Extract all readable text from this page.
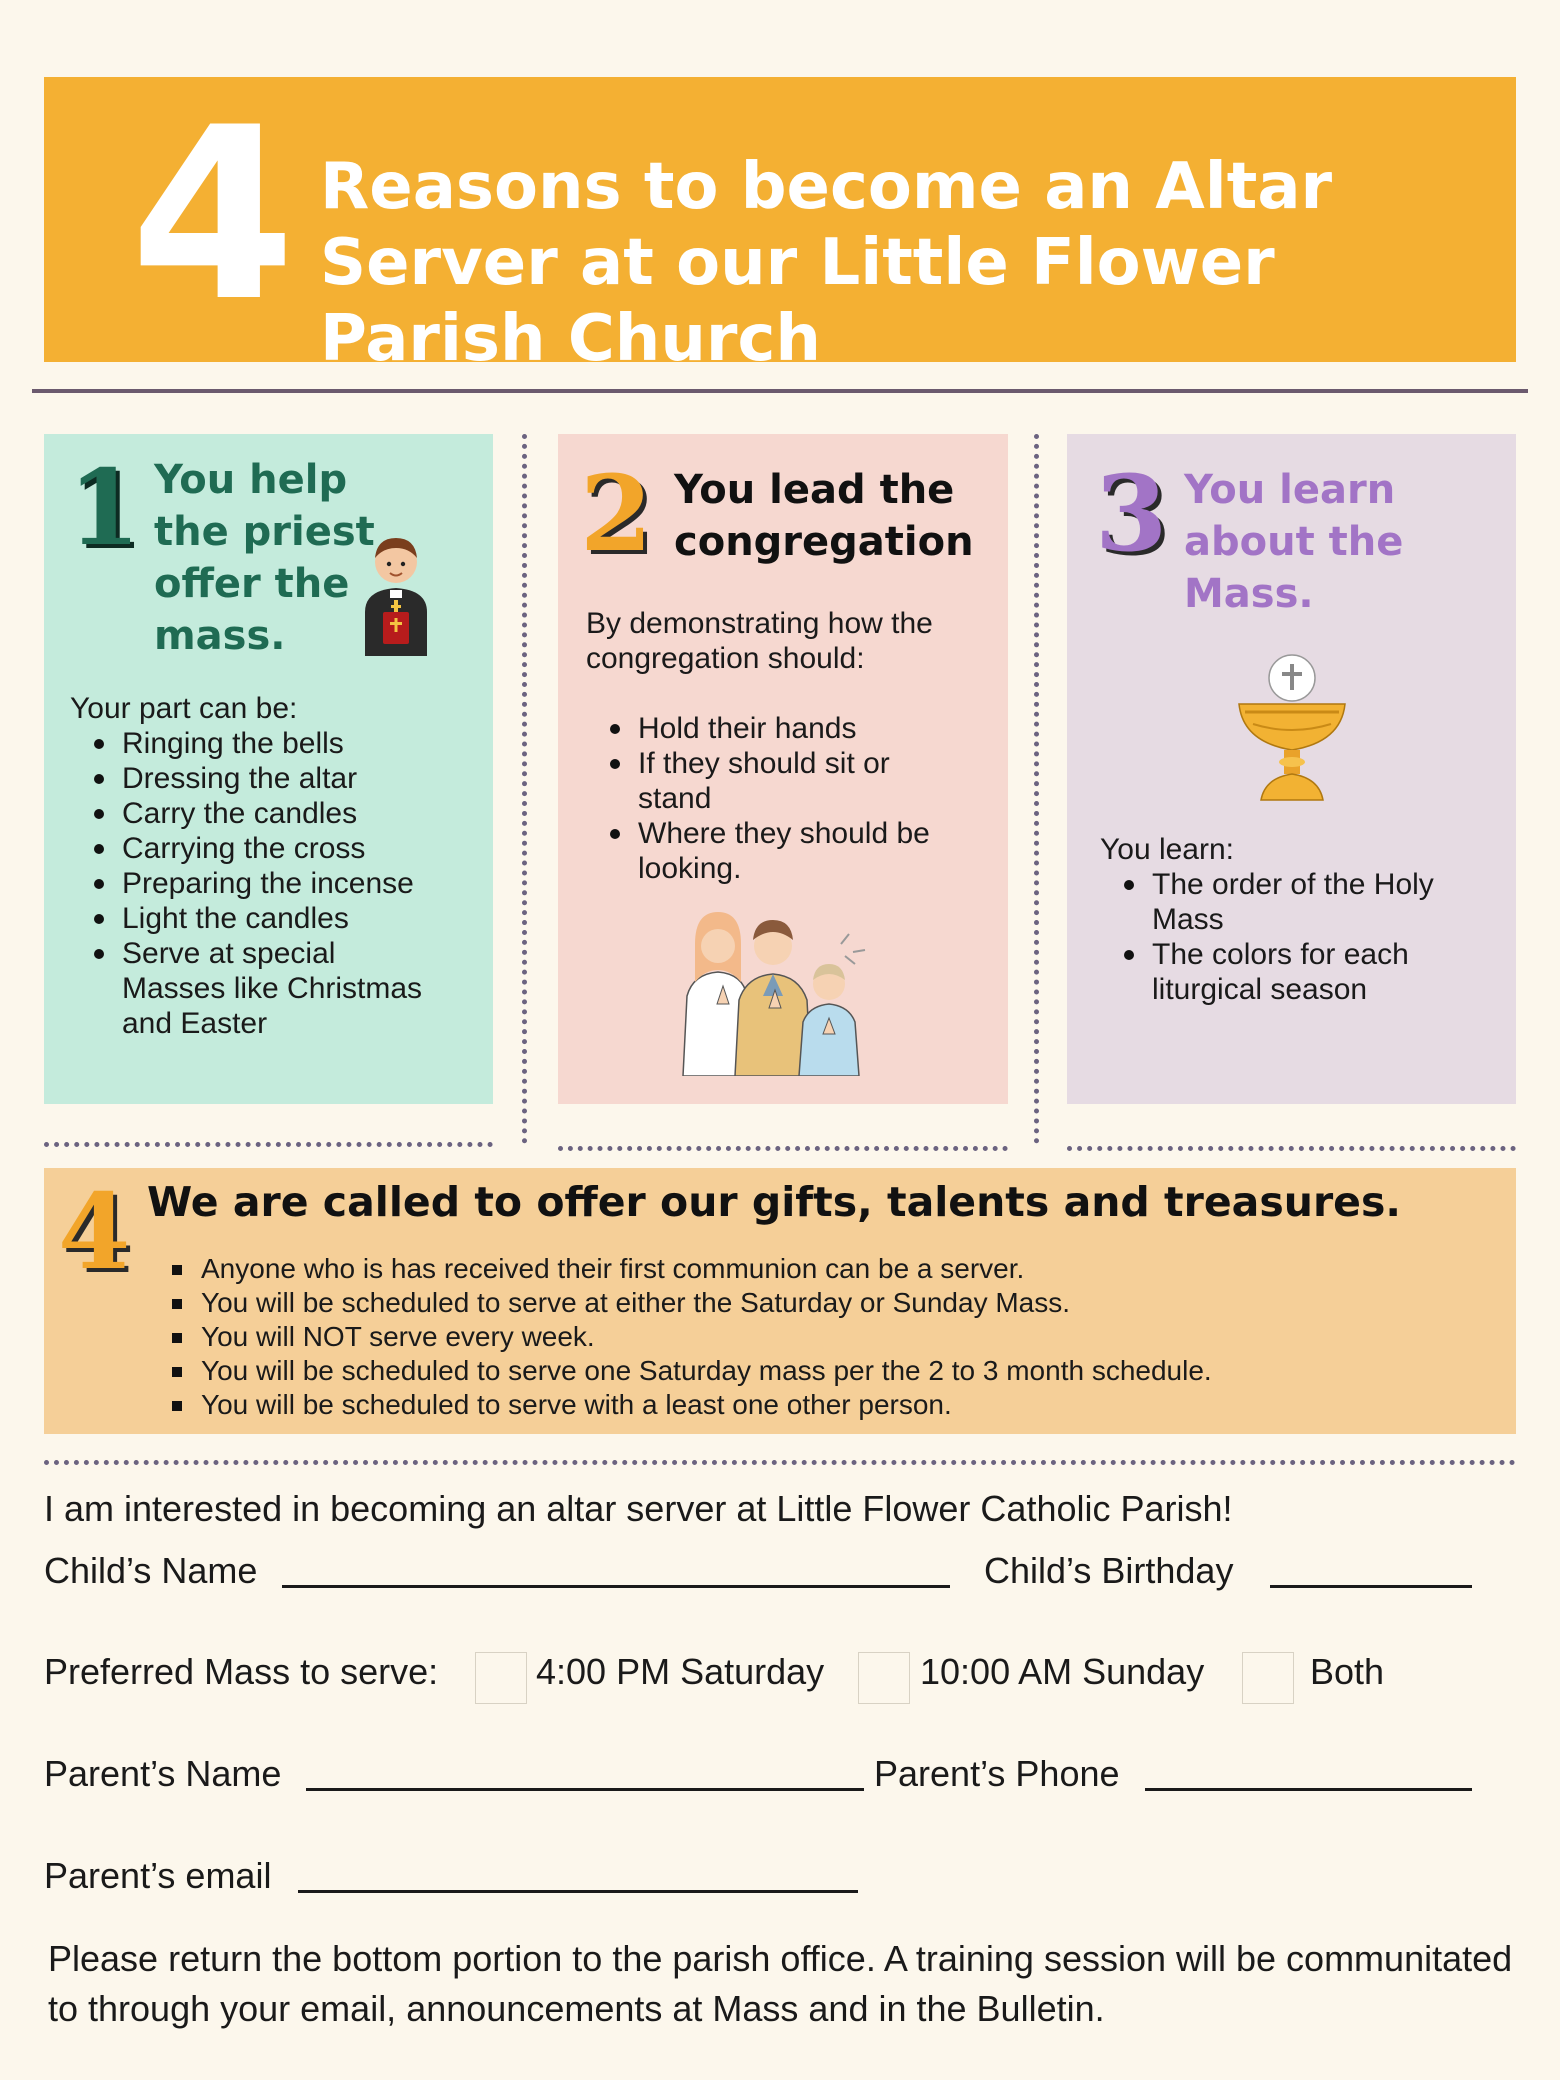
4 Reasons to become an Altar Server at our Little Flower Parish Church
1 You help the priest offer the mass.
Your part can be:
Ringing the bells
Dressing the altar
Carry the candles
Carrying the cross
Preparing the incense
Light the candles
Serve at special Masses like Christmas and Easter
2 You lead the congregation
By demonstrating how the congregation should:
Hold their hands
If they should sit or stand
Where they should be looking.
3 You learn about the Mass.
You learn:
The order of the Holy Mass
The colors for each liturgical season
4 We are called to offer our gifts, talents and treasures.
Anyone who is has received their first communion can be a server.
You will be scheduled to serve at either the Saturday or Sunday Mass.
You will NOT serve every week.
You will be scheduled to serve one Saturday mass per the 2 to 3 month schedule.
You will be scheduled to serve with a least one other person.
I am interested in becoming an altar server at Little Flower Catholic Parish!
Child’s Name	Child’s Birthday
Preferred Mass to serve:	4:00 PM Saturday	10:00 AM Sunday	Both
Parent’s Name	Parent’s Phone
Parent’s email
Please return the bottom portion to the parish office. A training session will be communitated to through your email, announcements at Mass and in the Bulletin.
